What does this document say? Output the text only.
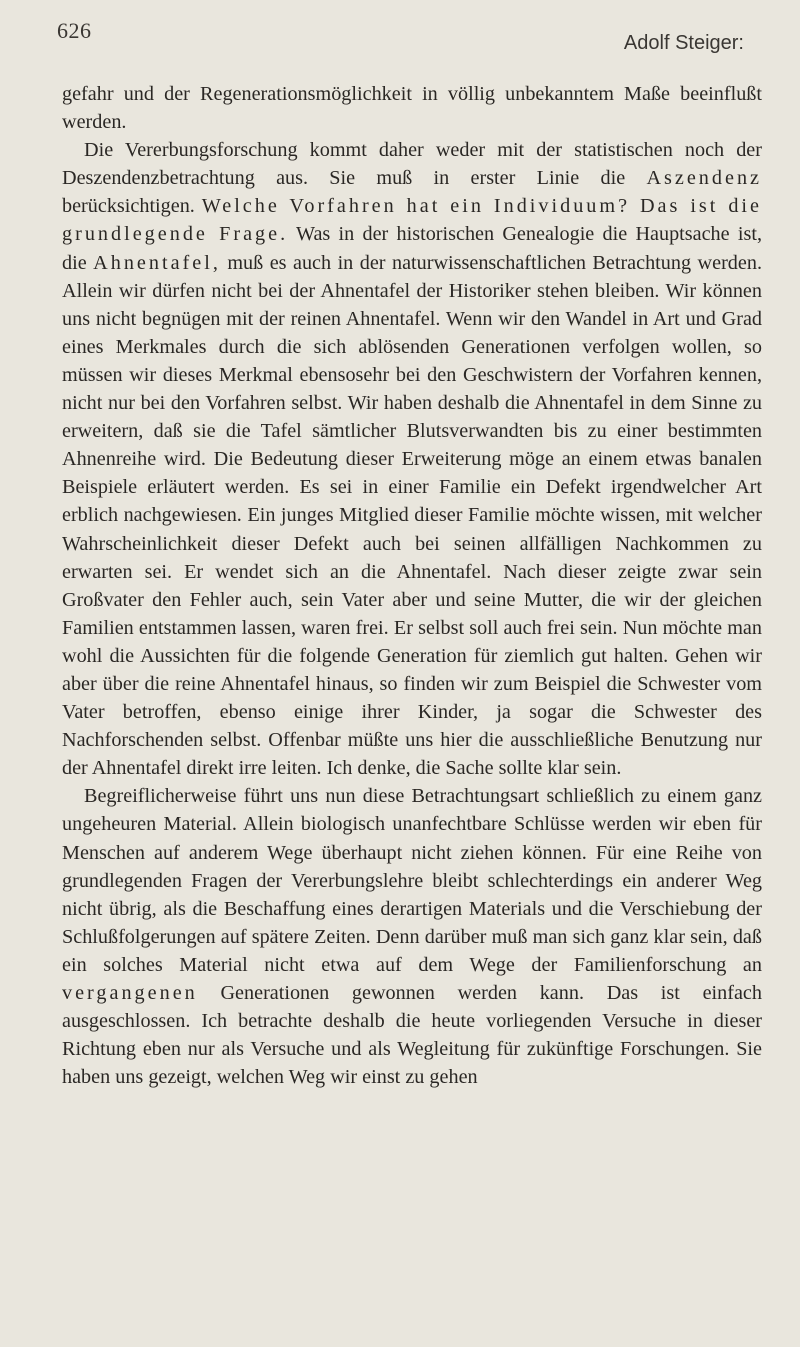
626	Adolf Steiger:

gefahr und der Regenerationsmöglichkeit in völlig unbekanntem Maße beeinflußt werden.

Die Vererbungsforschung kommt daher weder mit der statistischen noch der Deszendenzbetrachtung aus. Sie muß in erster Linie die Aszendenz berücksichtigen. Welche Vorfahren hat ein Individuum? Das ist die grundlegende Frage. Was in der historischen Genealogie die Hauptsache ist, die Ahnentafel, muß es auch in der naturwissenschaftlichen Betrachtung werden. Allein wir dürfen nicht bei der Ahnentafel der Historiker stehen bleiben. Wir können uns nicht begnügen mit der reinen Ahnentafel. Wenn wir den Wandel in Art und Grad eines Merkmales durch die sich ablösenden Generationen verfolgen wollen, so müssen wir dieses Merkmal ebensosehr bei den Geschwistern der Vorfahren kennen, nicht nur bei den Vorfahren selbst. Wir haben deshalb die Ahnentafel in dem Sinne zu erweitern, daß sie die Tafel sämtlicher Blutsverwandten bis zu einer bestimmten Ahnenreihe wird. Die Bedeutung dieser Erweiterung möge an einem etwas banalen Beispiele erläutert werden. Es sei in einer Familie ein Defekt irgendwelcher Art erblich nachgewiesen. Ein junges Mitglied dieser Familie möchte wissen, mit welcher Wahrscheinlichkeit dieser Defekt auch bei seinen allfälligen Nachkommen zu erwarten sei. Er wendet sich an die Ahnentafel. Nach dieser zeigte zwar sein Großvater den Fehler auch, sein Vater aber und seine Mutter, die wir der gleichen Familien entstammen lassen, waren frei. Er selbst soll auch frei sein. Nun möchte man wohl die Aussichten für die folgende Generation für ziemlich gut halten. Gehen wir aber über die reine Ahnentafel hinaus, so finden wir zum Beispiel die Schwester vom Vater betroffen, ebenso einige ihrer Kinder, ja sogar die Schwester des Nachforschenden selbst. Offenbar müßte uns hier die ausschließliche Benutzung nur der Ahnentafel direkt irre leiten. Ich denke, die Sache sollte klar sein.

Begreiflicherweise führt uns nun diese Betrachtungsart schließlich zu einem ganz ungeheuren Material. Allein biologisch unanfechtbare Schlüsse werden wir eben für Menschen auf anderem Wege überhaupt nicht ziehen können. Für eine Reihe von grundlegenden Fragen der Vererbungslehre bleibt schlechterdings ein anderer Weg nicht übrig, als die Beschaffung eines derartigen Materials und die Verschiebung der Schlußfolgerungen auf spätere Zeiten. Denn darüber muß man sich ganz klar sein, daß ein solches Material nicht etwa auf dem Wege der Familienforschung an vergangenen Generationen gewonnen werden kann. Das ist einfach ausgeschlossen. Ich betrachte deshalb die heute vorliegenden Versuche in dieser Richtung eben nur als Versuche und als Wegleitung für zukünftige Forschungen. Sie haben uns gezeigt, welchen Weg wir einst zu gehen
